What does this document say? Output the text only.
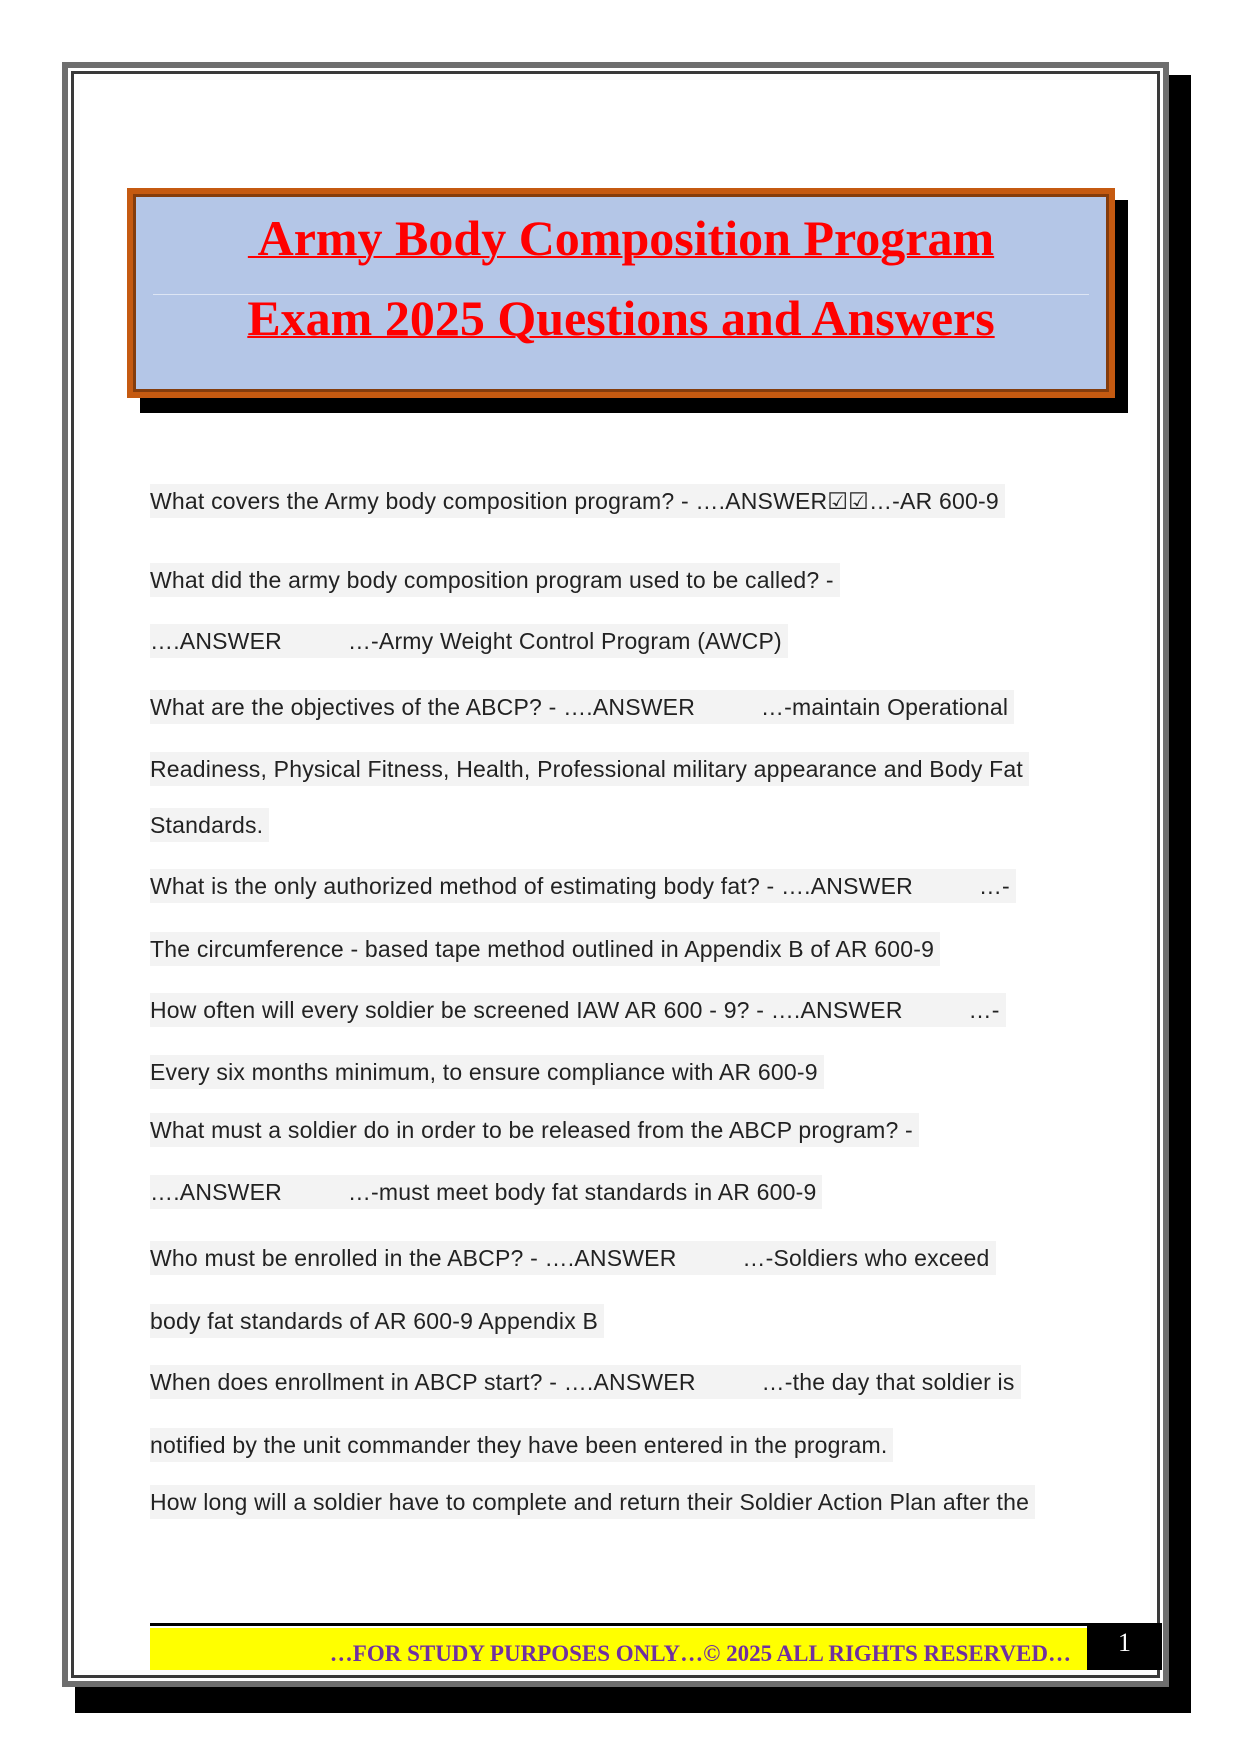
Army Body Composition Program
Exam 2025 Questions and Answers
What covers the Army body composition program? - ….ANSWER☑☑…-AR 600-9
What did the army body composition program used to be called? -
….ANSWER          …-Army Weight Control Program (AWCP)
What are the objectives of the ABCP? - ….ANSWER          …-maintain Operational
Readiness, Physical Fitness, Health, Professional military appearance and Body Fat
Standards.
What is the only authorized method of estimating body fat? - ….ANSWER          …-
The circumference - based tape method outlined in Appendix B of AR 600-9
How often will every soldier be screened IAW AR 600 - 9? - ….ANSWER          …-
Every six months minimum, to ensure compliance with AR 600-9
What must a soldier do in order to be released from the ABCP program? -
….ANSWER          …-must meet body fat standards in AR 600-9
Who must be enrolled in the ABCP? - ….ANSWER          …-Soldiers who exceed
body fat standards of AR 600-9 Appendix B
When does enrollment in ABCP start? - ….ANSWER          …-the day that soldier is
notified by the unit commander they have been entered in the program.
How long will a soldier have to complete and return their Soldier Action Plan after the
…FOR STUDY PURPOSES ONLY…© 2025 ALL RIGHTS RESERVED…	1
